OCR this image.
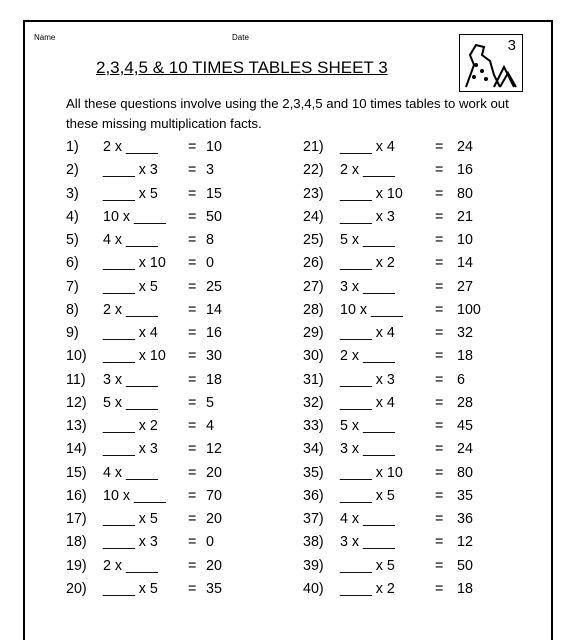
Name	Date
2,3,4,5 & 10 TIMES TABLES SHEET 3
3
All these questions involve using the 2,3,4,5 and 10 times tables to work out these missing multiplication facts.
1) 2 x ____ = 10
2) ____ x 3 = 3
3) ____ x 5 = 15
4) 10 x ____ = 50
5) 4 x ____ = 8
6) ____ x 10 = 0
7) ____ x 5 = 25
8) 2 x ____ = 14
9) ____ x 4 = 16
10) ____ x 10 = 30
11) 3 x ____ = 18
12) 5 x ____ = 5
13) ____ x 2 = 4
14) ____ x 3 = 12
15) 4 x ____ = 20
16) 10 x ____ = 70
17) ____ x 5 = 20
18) ____ x 3 = 0
19) 2 x ____ = 20
20) ____ x 5 = 35
21) ____ x 4	= 24
22) 2 x ____	= 16
23) ____ x 10 = 80
24) ____ x 3	= 21
25) 5 x ____	= 10
26) ____ x 2	= 14
27) 3 x ____	= 27
28) 10 x ____ = 100
29) ____ x 4	= 32
30) 2 x ____	= 18
31) ____ x 3	= 6
32) ____ x 4	= 28
33) 5 x ____	= 45
34) 3 x ____	= 24
35) ____ x 10 = 80
36) ____ x 5	= 35
37) 4 x ____	= 36
38) 3 x ____	= 12
39) ____ x 5	= 50
40) ____ x 2	= 18
